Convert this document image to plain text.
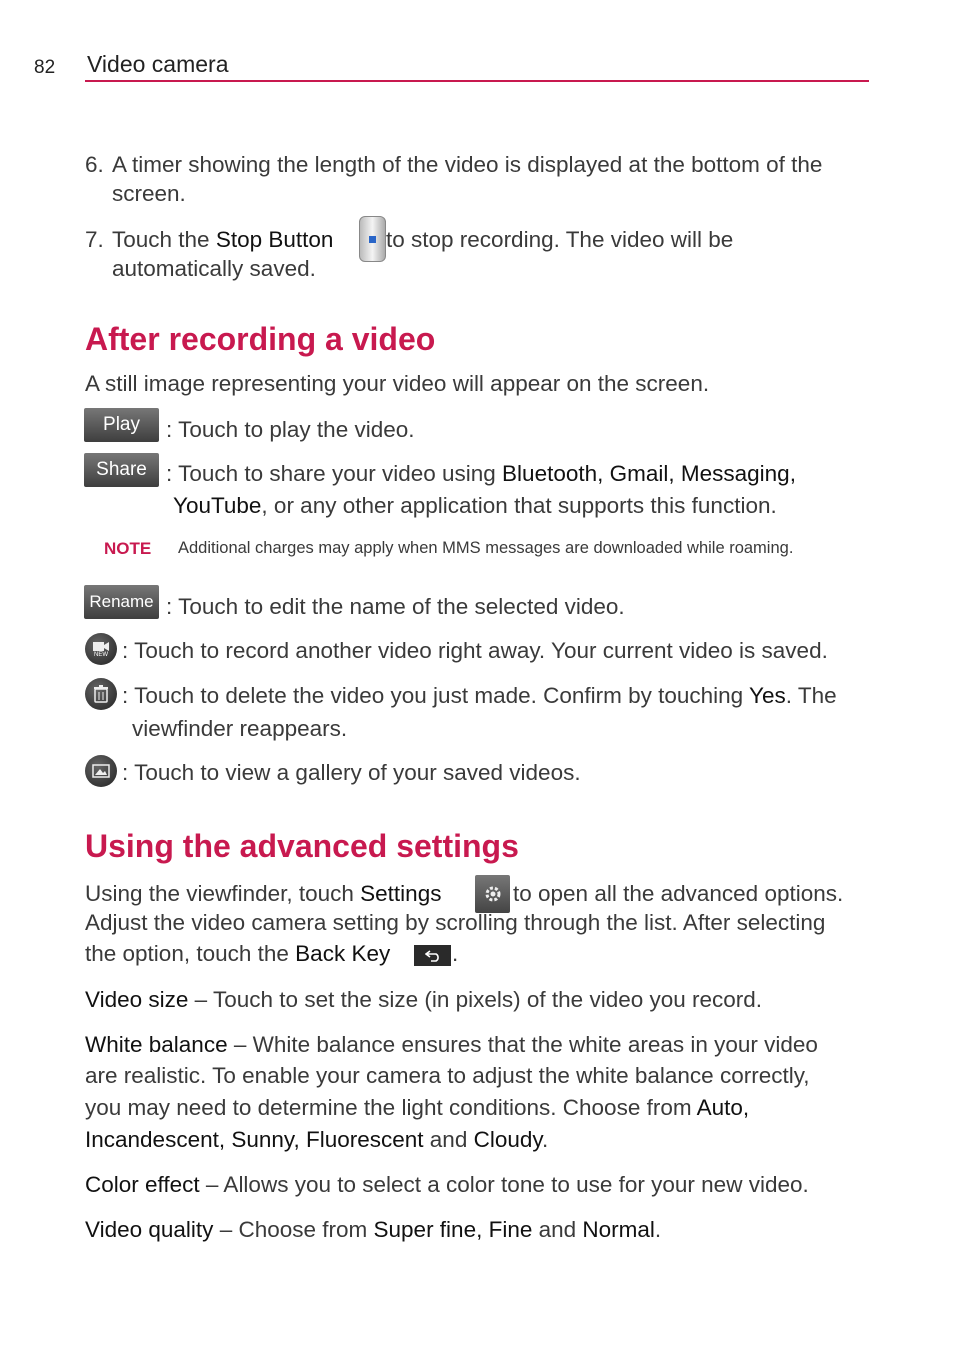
82 Video camera
6. A timer showing the length of the video is displayed at the bottom of the
screen.
7. Touch the Stop Button to stop recording. The video will be
automatically saved.
After recording a video
A still image representing your video will appear on the screen.
Play	: Touch to play the video.
Share : Touch to share your video using Bluetooth, Gmail, Messaging,
YouTube, or any other application that supports this function.
NOTE Additional charges may apply when MMS messages are downloaded while roaming.
Rename : Touch to edit the name of the selected video.
NEW : Touch to record another video right away. Your current video is saved.
: Touch to delete the video you just made. Confirm by touching Yes. The
viewfinder reappears.
: Touch to view a gallery of your saved videos.
Using the advanced settings
Using the viewfinder, touch Settings	to open all the advanced options.
Adjust the video camera setting by scrolling through the list. After selecting
the option, touch the Back Key	.
Video size – Touch to set the size (in pixels) of the video you record.
White balance – White balance ensures that the white areas in your video
are realistic. To enable your camera to adjust the white balance correctly,
you may need to determine the light conditions. Choose from Auto,
Incandescent, Sunny, Fluorescent and Cloudy.
Color effect – Allows you to select a color tone to use for your new video.
Video quality – Choose from Super fine, Fine and Normal.
